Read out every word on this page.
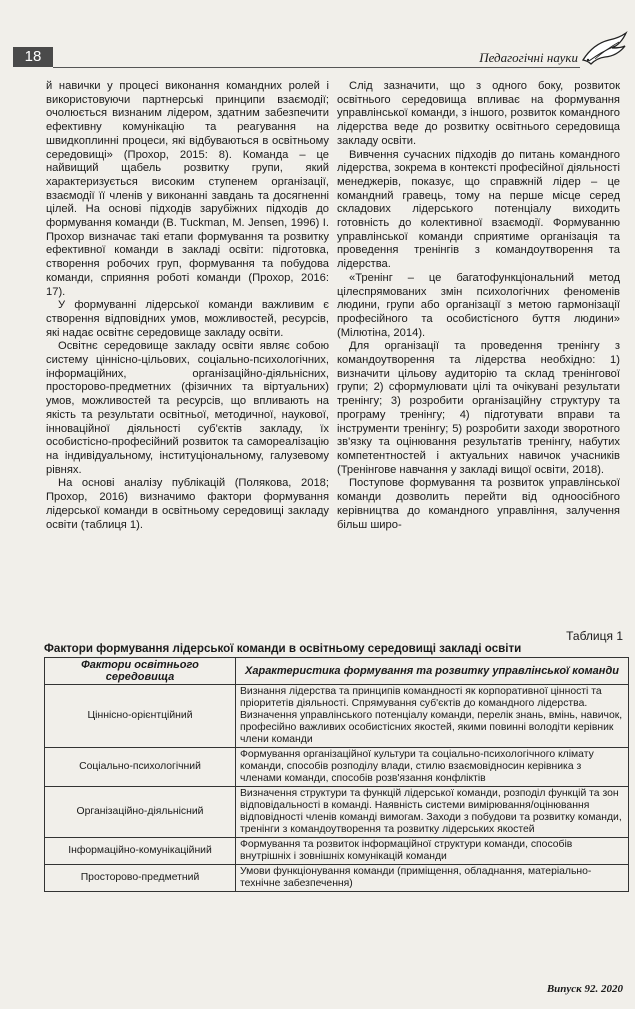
18	Педагогічні науки

й навички у процесі виконання командних ролей і використовуючи партнерські принципи взаємодії; очолюється визнаним лідером, здатним забезпечити ефективну комунікацію та реагування на швидкоплинні процеси, які відбуваються в освітньому середовищі» (Прохор, 2015: 8). Команда – це найвищий щабель розвитку групи, який характеризується високим ступенем організації, взаємодії її членів у виконанні завдань та досягненні цілей. На основі підходів зарубіжних підходів до формування команди (B. Tuckman, M. Jensen, 1996) І. Прохор визначає такі етапи формування та розвитку ефективної команди в закладі освіти: підготовка, створення робочих груп, формування та побудова команди, сприяння роботі команди (Прохор, 2016: 17).

У формуванні лідерської команди важливим є створення відповідних умов, можливостей, ресурсів, які надає освітнє середовище закладу освіти.

Освітнє середовище закладу освіти являє собою систему ціннісно-цільових, соціально-психологічних, інформаційних, організаційно-діяльнісних, просторово-предметних (фізичних та віртуальних) умов, можливостей та ресурсів, що впливають на якість та результати освітньої, методичної, наукової, інноваційної діяльності суб'єктів закладу, їх особистісно-професійний розвиток та самореалізацію на індивідуальному, інституціональному, галузевому рівнях.

На основі аналізу публікацій (Полякова, 2018; Прохор, 2016) визначимо фактори формування лідерської команди в освітньому середовищі закладу освіти (таблиця 1).

Слід зазначити, що з одного боку, розвиток освітнього середовища впливає на формування управлінської команди, з іншого, розвиток командного лідерства веде до розвитку освітнього середовища закладу освіти.

Вивчення сучасних підходів до питань командного лідерства, зокрема в контексті професійної діяльності менеджерів, показує, що справжній лідер – це командний гравець, тому на перше місце серед складових лідерського потенціалу виходить готовність до колективної взаємодії. Формуванню управлінської команди сприятиме організація та проведення тренінгів з командоутворення та лідерства.

«Тренінг – це багатофункціональний метод цілеспрямованих змін психологічних феноменів людини, групи або організації з метою гармонізації професійного та особистісного буття людини» (Мілютіна, 2014).

Для організації та проведення тренінгу з командоутворення та лідерства необхідно: 1) визначити цільову аудиторію та склад тренінгової групи; 2) сформулювати цілі та очікувані результати тренінгу; 3) розробити організаційну структуру та програму тренінгу; 4) підготувати вправи та інструменти тренінгу; 5) розробити заходи зворотного зв'язку та оцінювання результатів тренінгу, набутих компетентностей і актуальних навичок учасників (Тренінгове навчання у закладі вищої освіти, 2018).

Поступове формування та розвиток управлінської команди дозволить перейти від одноосібного керівництва до командного управління, залучення більш широ-

Таблиця 1
Фактори формування лідерської команди в освітньому середовищі закладі освіти
Фактори освітнього середовища	Характеристика формування та розвитку управлінської команди
Ціннісно-орієнтційний	Визнання лідерства та принципів командності як корпоративної цінності та пріоритетів діяльності. Спрямування суб'єктів до командного лідерства. Визначення управлінського потенціалу команди, перелік знань, вмінь, навичок, професійно важливих особистісних якостей, якими повинні володіти керівник члени команди
Соціально-психологічний	Формування організаційної культури та соціально-психологічного клімату команди, способів розподілу влади, стилю взаємовідносин керівника з членами команди, способів розв'язання конфліктів
Організаційно-діяльнісний	Визначення структури та функцій лідерської команди, розподіл функцій та зон відповідальності в команді. Наявність системи вимірювання/оцінювання відповідності членів команді вимогам. Заходи з побудови та розвитку команди, тренінги з командоутворення та розвитку лідерських якостей
Інформаційно-комунікаційний	Формування та розвиток інформаційної структури команди, способів внутрішніх і зовнішніх комунікацій команди
Просторово-предметний	Умови функціонування команди (приміщення, обладнання, матеріально-технічне забезпечення)
Випуск 92. 2020
